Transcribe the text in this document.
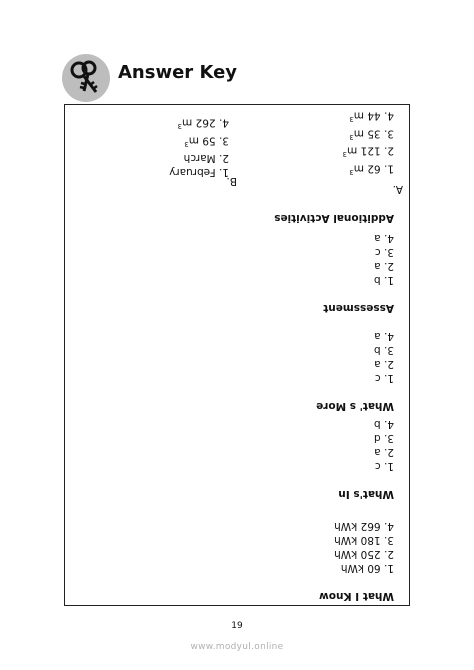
Answer Key
What I Know
1. 60 kWh
2. 250 kWh
3. 180 kWh
4. 662 kWh
What's In
1. c
2. a
3. d
4. b
What' s More
1. c
2. a
3. b
4. a
Assessment
1. b
2. a
3. c
4. a
Additional Activities
A.
B.
1. 62 $m^3$
2. 121 $m^3$
3. 35 $m^3$
4. 44 $m^3$
1. February
2. March
3. 59 $m^3$
4. 262 $m^3$
19
www.modyul.online
